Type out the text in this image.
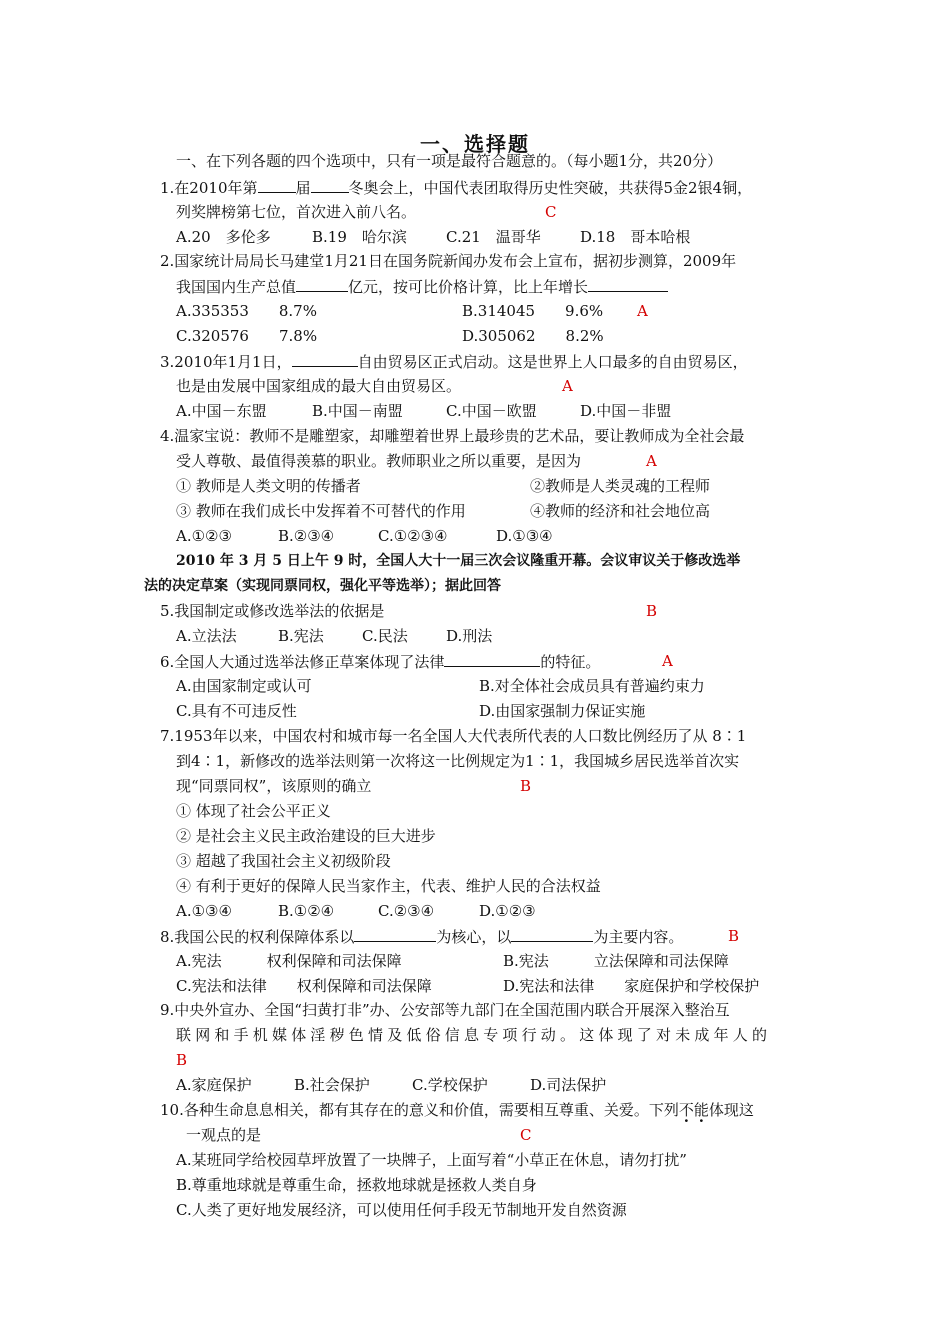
一、选择题
一、在下列各题的四个选项中，只有一项是最符合题意的。（每小题1分，共20分）
1.在2010年第	届	冬奥会上，中国代表团取得历史性突破，共获得5金2银4铜，
列奖牌榜第七位，首次进入前八名。	C
A.20　多伦多	B.19　哈尔滨	C.21　温哥华	D.18　哥本哈根
2.国家统计局局长马建堂1月21日在国务院新闻办发布会上宣布，据初步测算，2009年
我国国内生产总值	亿元，按可比价格计算，比上年增长
A.335353　　8.7%	B.314045　　9.6% A
C.320576　　7.8%	D.305062　　8.2%
3.2010年1月1日，	自由贸易区正式启动。这是世界上人口最多的自由贸易区，
也是由发展中国家组成的最大自由贸易区。	A
A.中国－东盟	B.中国－南盟	C.中国－欧盟	D.中国－非盟
4.温家宝说：教师不是雕塑家，却雕塑着世界上最珍贵的艺术品，要让教师成为全社会最
受人尊敬、最值得羡慕的职业。教师职业之所以重要，是因为	A
① 教师是人类文明的传播者	②教师是人类灵魂的工程师
③ 教师在我们成长中发挥着不可替代的作用	④教师的经济和社会地位高
A.①②③	B.②③④	C.①②③④	D.①③④
2010 年 3 月 5 日上午 9 时，全国人大十一届三次会议隆重开幕。会议审议关于修改选举
法的决定草案（实现同票同权，强化平等选举）；据此回答
5.我国制定或修改选举法的依据是	B
A.立法法	B.宪法	C.民法	D.刑法
6.全国人大通过选举法修正草案体现了法律	的特征。	A
A.由国家制定或认可	B.对全体社会成员具有普遍约束力
C.具有不可违反性	D.由国家强制力保证实施
7.1953年以来，中国农村和城市每一名全国人大代表所代表的人口数比例经历了从 8∶1
到4∶1，新修改的选举法则第一次将这一比例规定为1∶1，我国城乡居民选举首次实
现“同票同权”，该原则的确立	B
① 体现了社会公平正义
② 是社会主义民主政治建设的巨大进步
③ 超越了我国社会主义初级阶段
④ 有利于更好的保障人民当家作主，代表、维护人民的合法权益
A.①③④	B.①②④	C.②③④	D.①②③
8.我国公民的权利保障体系以	为核心，以	为主要内容。	B
A.宪法　　　权利保障和司法保障	B.宪法　　　立法保障和司法保障
C.宪法和法律　　权利保障和司法保障	D.宪法和法律　　家庭保护和学校保护
9.中央外宣办、全国“扫黄打非”办、公安部等九部门在全国范围内联合开展深入整治互
联网和手机媒体淫秽色情及低俗信息专项行动。这体现了对未成年人的
B
A.家庭保护	B.社会保护	C.学校保护	D.司法保护
10.各种生命息息相关，都有其存在的意义和价值，需要相互尊重、关爱。下列不能体现这
一观点的是	C
A.某班同学给校园草坪放置了一块牌子，上面写着“小草正在休息，请勿打扰”
B.尊重地球就是尊重生命，拯救地球就是拯救人类自身
C.人类了更好地发展经济，可以使用任何手段无节制地开发自然资源
